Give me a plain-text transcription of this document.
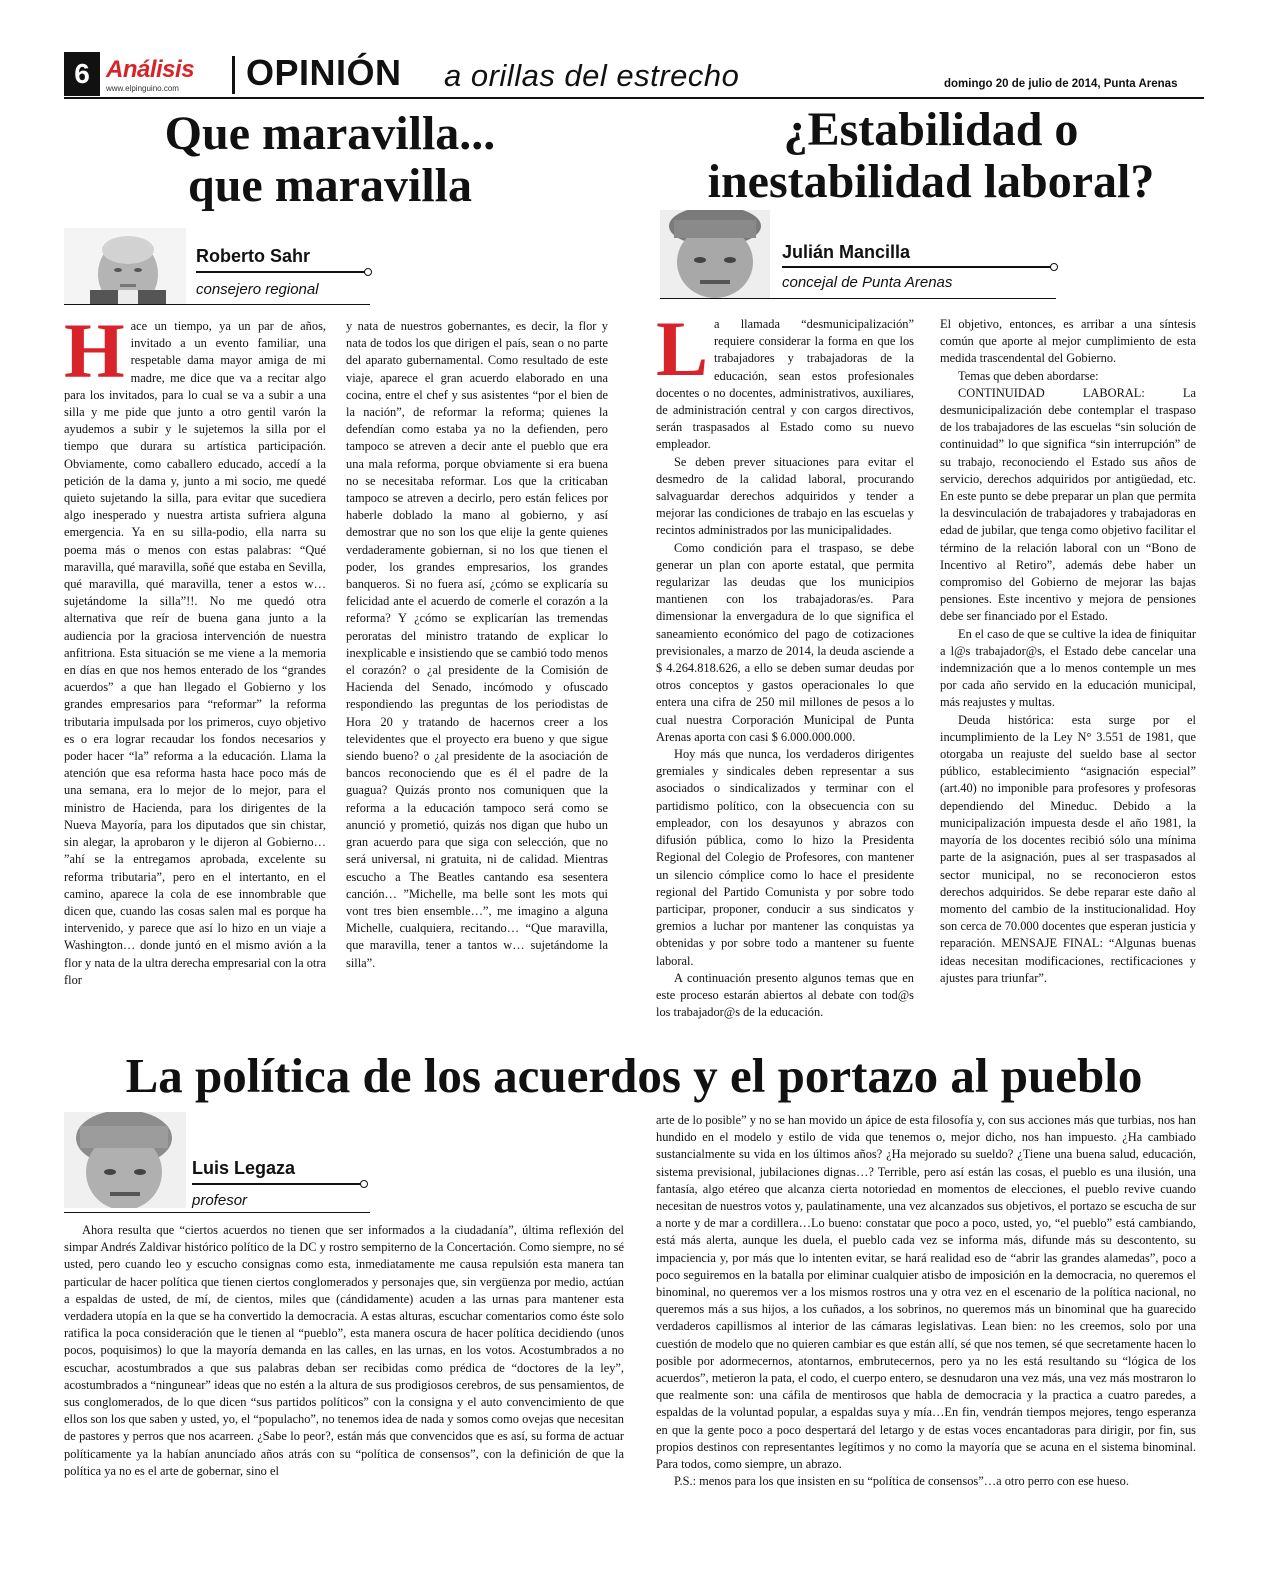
6 Análisis
www.elpinguino.com OPINIÓN a orillas del estrecho	domingo 20 de julio de 2014, Punta Arenas
Que maravilla...
que maravilla
Roberto Sahr
consejero regional
Hace un tiempo, ya un par de años, invitado a un evento familiar, una respetable dama mayor amiga de mi madre, me dice que va a recitar algo para los invitados, para lo cual se va a subir a una silla y me pide que junto a otro gentil varón la ayudemos a subir y le sujetemos la silla por el tiempo que durara su artística participación. Obviamente, como caballero educado, accedí a la petición de la dama y, junto a mi socio, me quedé quieto sujetando la silla, para evitar que sucediera algo inesperado y nuestra artista sufriera alguna emergencia. Ya en su silla-podio, ella narra su poema más o menos con estas palabras: “Qué maravilla, qué maravilla, soñé que estaba en Sevilla, qué maravilla, qué maravilla, tener a estos w… sujetándome la silla”!!. No me quedó otra alternativa que reír de buena gana junto a la audiencia por la graciosa intervención de nuestra anfitriona. Esta situación se me viene a la memoria en días en que nos hemos enterado de los “grandes acuerdos” a que han llegado el Gobierno y los grandes empresarios para “reformar” la reforma tributaria impulsada por los primeros, cuyo objetivo es o era lograr recaudar los fondos necesarios y poder hacer “la” reforma a la educación. Llama la atención que esa reforma hasta hace poco más de una semana, era lo mejor de lo mejor, para el ministro de Hacienda, para los dirigentes de la Nueva Mayoría, para los diputados que sin chistar, sin alegar, la aprobaron y le dijeron al Gobierno… ”ahí se la entregamos aprobada, excelente su reforma tributaria”, pero en el intertanto, en el camino, aparece la cola de ese innombrable que dicen que, cuando las cosas salen mal es porque ha intervenido, y parece que así lo hizo en un viaje a Washington… donde juntó en el mismo avión a la flor y nata de la ultra derecha empresarial con la otra flor
y nata de nuestros gobernantes, es decir, la flor y nata de todos los que dirigen el país, sean o no parte del aparato gubernamental. Como resultado de este viaje, aparece el gran acuerdo elaborado en una cocina, entre el chef y sus asistentes “por el bien de la nación”, de reformar la reforma; quienes la defendían como estaba ya no la defienden, pero tampoco se atreven a decir ante el pueblo que era una mala reforma, porque obviamente si era buena no se necesitaba reformar. Los que la criticaban tampoco se atreven a decirlo, pero están felices por haberle doblado la mano al gobierno, y así demostrar que no son los que elije la gente quienes verdaderamente gobiernan, si no los que tienen el poder, los grandes empresarios, los grandes banqueros. Si no fuera así, ¿cómo se explicaría su felicidad ante el acuerdo de comerle el corazón a la reforma? Y ¿cómo se explicarían las tremendas peroratas del ministro tratando de explicar lo inexplicable e insistiendo que se cambió todo menos el corazón? o ¿al presidente de la Comisión de Hacienda del Senado, incómodo y ofuscado respondiendo las preguntas de los periodistas de Hora 20 y tratando de hacernos creer a los televidentes que el proyecto era bueno y que sigue siendo bueno? o ¿al presidente de la asociación de bancos reconociendo que es él el padre de la guagua? Quizás pronto nos comuniquen que la reforma a la educación tampoco será como se anunció y prometió, quizás nos digan que hubo un gran acuerdo para que siga con selección, que no será universal, ni gratuita, ni de calidad. Mientras escucho a The Beatles cantando esa sesentera canción… ”Michelle, ma belle sont les mots qui vont tres bien ensemble…”, me imagino a alguna Michelle, cualquiera, recitando… “Que maravilla, que maravilla, tener a tantos w… sujetándome la silla”.
¿Estabilidad o
inestabilidad laboral?
Julián Mancilla
concejal de Punta Arenas

La llamada “desmunicipalización” requiere considerar la forma en que los trabajadores y trabajadoras de la educación, sean estos profesionales docentes o no docentes, administrativos, auxiliares, de administración central y con cargos directivos, serán traspasados al Estado como su nuevo empleador.

Se deben prever situaciones para evitar el desmedro de la calidad laboral, procurando salvaguardar derechos adquiridos y tender a mejorar las condiciones de trabajo en las escuelas y recintos administrados por las municipalidades.

Como condición para el traspaso, se debe generar un plan con aporte estatal, que permita regularizar las deudas que los municipios mantienen con los trabajadoras/es. Para dimensionar la envergadura de lo que significa el saneamiento económico del pago de cotizaciones previsionales, a marzo de 2014, la deuda asciende a $ 4.264.818.626, a ello se deben sumar deudas por otros conceptos y gastos operacionales lo que entera una cifra de 250 mil millones de pesos a lo cual nuestra Corporación Municipal de Punta Arenas aporta con casi $ 6.000.000.000.

Hoy más que nunca, los verdaderos dirigentes gremiales y sindicales deben representar a sus asociados o sindicalizados y terminar con el partidismo político, con la obsecuencia con su empleador, con los desayunos y abrazos con difusión pública, como lo hizo la Presidenta Regional del Colegio de Profesores, con mantener un silencio cómplice como lo hace el presidente regional del Partido Comunista y por sobre todo participar, proponer, conducir a sus sindicatos y gremios a luchar por mantener las conquistas ya obtenidas y por sobre todo a mantener su fuente laboral.

A continuación presento algunos temas que en este proceso estarán abiertos al debate con tod@s los trabajador@s de la educación.

El objetivo, entonces, es arribar a una síntesis común que aporte al mejor cumplimiento de esta medida trascendental del Gobierno.

Temas que deben abordarse:

CONTINUIDAD LABORAL: La desmunicipalización debe contemplar el traspaso de los trabajadores de las escuelas “sin solución de continuidad” lo que significa “sin interrupción” de su trabajo, reconociendo el Estado sus años de servicio, derechos adquiridos por antigüedad, etc. En este punto se debe preparar un plan que permita la desvinculación de trabajadores y trabajadoras en edad de jubilar, que tenga como objetivo facilitar el término de la relación laboral con un “Bono de Incentivo al Retiro”, además debe haber un compromiso del Gobierno de mejorar las bajas pensiones. Este incentivo y mejora de pensiones debe ser financiado por el Estado.

En el caso de que se cultive la idea de finiquitar a l@s trabajador@s, el Estado debe cancelar una indemnización que a lo menos contemple un mes por cada año servido en la educación municipal, más reajustes y multas.

Deuda histórica: esta surge por el incumplimiento de la Ley N° 3.551 de 1981, que otorgaba un reajuste del sueldo base al sector público, establecimiento “asignación especial” (art.40) no imponible para profesores y profesoras dependiendo del Mineduc. Debido a la municipalización impuesta desde el año 1981, la mayoría de los docentes recibió sólo una mínima parte de la asignación, pues al ser traspasados al sector municipal, no se reconocieron estos derechos adquiridos. Se debe reparar este daño al momento del cambio de la institucionalidad. Hoy son cerca de 70.000 docentes que esperan justicia y reparación. MENSAJE FINAL: “Algunas buenas ideas necesitan modificaciones, rectificaciones y ajustes para triunfar”.

La política de los acuerdos y el portazo al pueblo
Luis Legaza
profesor

Ahora resulta que “ciertos acuerdos no tienen que ser informados a la ciudadanía”, última reflexión del simpar Andrés Zaldivar histórico político de la DC y rostro sempiterno de la Concertación. Como siempre, no sé usted, pero cuando leo y escucho consignas como esta, inmediatamente me causa repulsión esta manera tan particular de hacer política que tienen ciertos conglomerados y personajes que, sin vergüenza por medio, actúan a espaldas de usted, de mí, de cientos, miles que (cándidamente) acuden a las urnas para mantener esta verdadera utopía en la que se ha convertido la democracia. A estas alturas, escuchar comentarios como éste solo ratifica la poca consideración que le tienen al “pueblo”, esta manera oscura de hacer política decidiendo (unos pocos, poquisimos) lo que la mayoría demanda en las calles, en las urnas, en los votos. Acostumbrados a no escuchar, acostumbrados a que sus palabras deban ser recibidas como prédica de “doctores de la ley”, acostumbrados a “ningunear” ideas que no estén a la altura de sus prodigiosos cerebros, de sus pensamientos, de sus conglomerados, de lo que dicen “sus partidos políticos” con la consigna y el auto convencimiento de que ellos son los que saben y usted, yo, el “populacho”, no tenemos idea de nada y somos como ovejas que necesitan de pastores y perros que nos acarreen. ¿Sabe lo peor?, están más que convencidos que es así, su forma de actuar políticamente ya la habían anunciado años atrás con su “política de consensos”, con la definición de que la política ya no es el arte de gobernar, sino el

arte de lo posible” y no se han movido un ápice de esta filosofía y, con sus acciones más que turbias, nos han hundido en el modelo y estilo de vida que tenemos o, mejor dicho, nos han impuesto. ¿Ha cambiado sustancialmente su vida en los últimos años? ¿Ha mejorado su sueldo? ¿Tiene una buena salud, educación, sistema previsional, jubilaciones dignas…? Terrible, pero así están las cosas, el pueblo es una ilusión, una fantasía, algo etéreo que alcanza cierta notoriedad en momentos de elecciones, el pueblo revive cuando necesitan de nuestros votos y, paulatinamente, una vez alcanzados sus objetivos, el portazo se escucha de sur a norte y de mar a cordillera…Lo bueno: constatar que poco a poco, usted, yo, “el pueblo” está cambiando, está más alerta, aunque les duela, el pueblo cada vez se informa más, difunde más su descontento, su impaciencia y, por más que lo intenten evitar, se hará realidad eso de “abrir las grandes alamedas”, poco a poco seguiremos en la batalla por eliminar cualquier atisbo de imposición en la democracia, no queremos el binominal, no queremos ver a los mismos rostros una y otra vez en el escenario de la política nacional, no queremos más a sus hijos, a los cuñados, a los sobrinos, no queremos más un binominal que ha guarecido verdaderos capillismos al interior de las cámaras legislativas. Lean bien: no les creemos, solo por una cuestión de modelo que no quieren cambiar es que están allí, sé que nos temen, sé que secretamente hacen lo posible por adormecernos, atontarnos, embrutecernos, pero ya no les está resultando su “lógica de los acuerdos”, metieron la pata, el codo, el cuerpo entero, se desnudaron una vez más, una vez más mostraron lo que realmente son: una cáfila de mentirosos que habla de democracia y la practica a cuatro paredes, a espaldas de la voluntad popular, a espaldas suya y mía…En fin, vendrán tiempos mejores, tengo esperanza en que la gente poco a poco despertará del letargo y de estas voces encantadoras para dirigir, por fin, sus propios destinos con representantes legítimos y no como la mayoría que se acuna en el sistema binominal. Para todos, como siempre, un abrazo.

P.S.: menos para los que insisten en su “política de consensos”…a otro perro con ese hueso.
